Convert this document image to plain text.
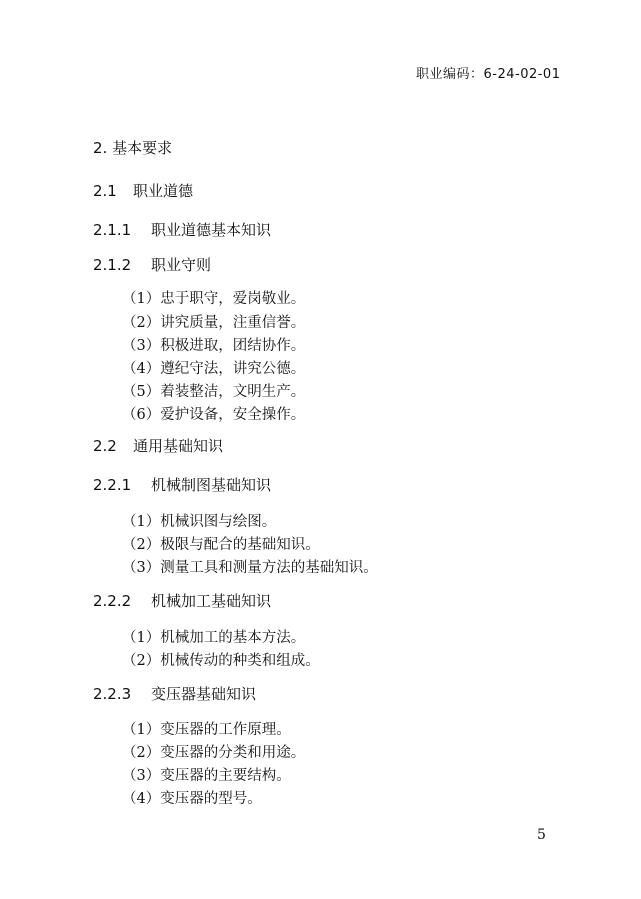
职业编码：6-24-02-01
2. 基本要求
2.1 职业道德
2.1.1 职业道德基本知识
2.1.2 职业守则
（1）忠于职守，爱岗敬业。
（2）讲究质量，注重信誉。
（3）积极进取，团结协作。
（4）遵纪守法，讲究公德。
（5）着装整洁，文明生产。
（6）爱护设备，安全操作。
2.2 通用基础知识
2.2.1 机械制图基础知识
（1）机械识图与绘图。
（2）极限与配合的基础知识。
（3）测量工具和测量方法的基础知识。
2.2.2 机械加工基础知识
（1）机械加工的基本方法。
（2）机械传动的种类和组成。
2.2.3 变压器基础知识
（1）变压器的工作原理。
（2）变压器的分类和用途。
（3）变压器的主要结构。
（4）变压器的型号。
5
